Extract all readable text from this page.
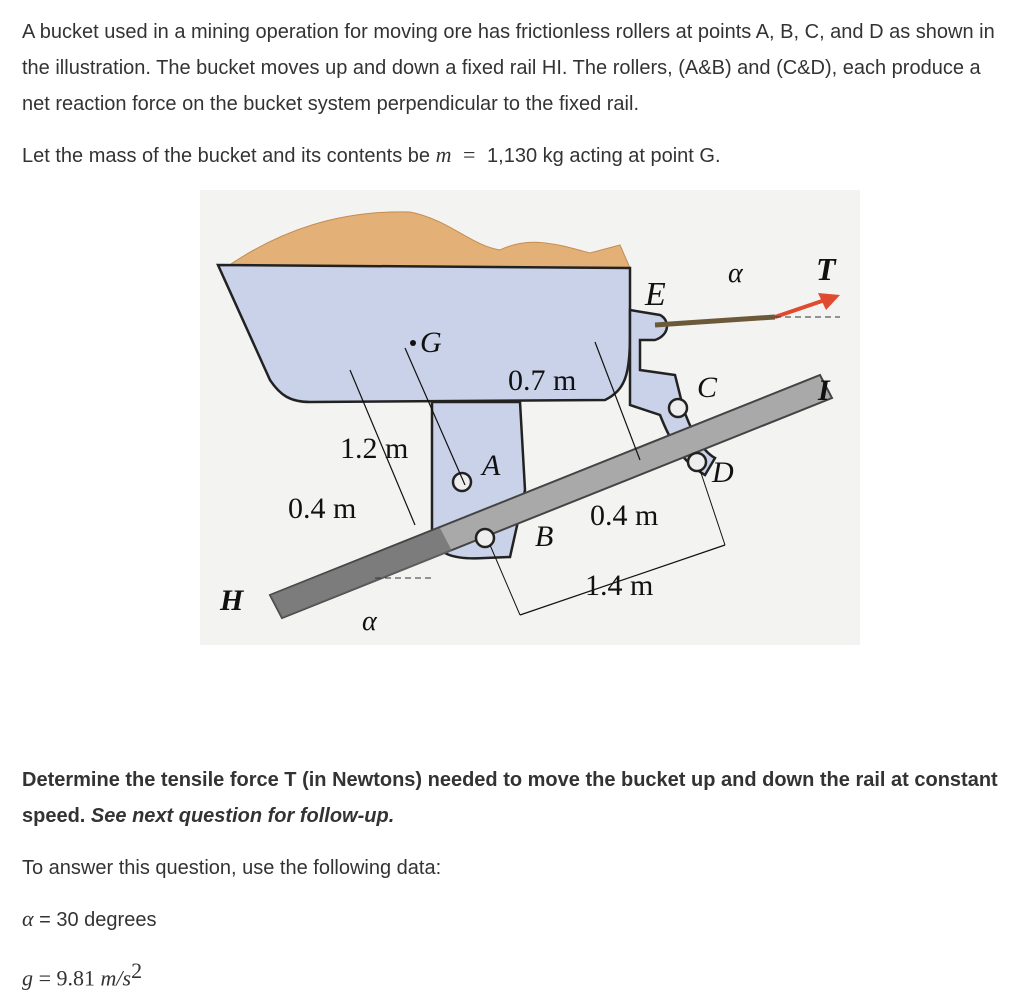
A bucket used in a mining operation for moving ore has frictionless rollers at points A, B, C, and D as shown in the illustration. The bucket moves up and down a fixed rail HI. The rollers, (A&B) and (C&D), each produce a net reaction force on the bucket system perpendicular to the fixed rail.

Let the mass of the bucket and its contents be m = 1,130 kg acting at point G.

E
α T
G
0.7 m	C	I
1.2 m
A	D
0.4 m	0.4 m
B
1.4 m
H
α

Determine the tensile force T (in Newtons) needed to move the bucket up and down the rail at constant speed. See next question for follow-up.

To answer this question, use the following data:

α = 30 degrees

g = 9.81 $m/s^2$
